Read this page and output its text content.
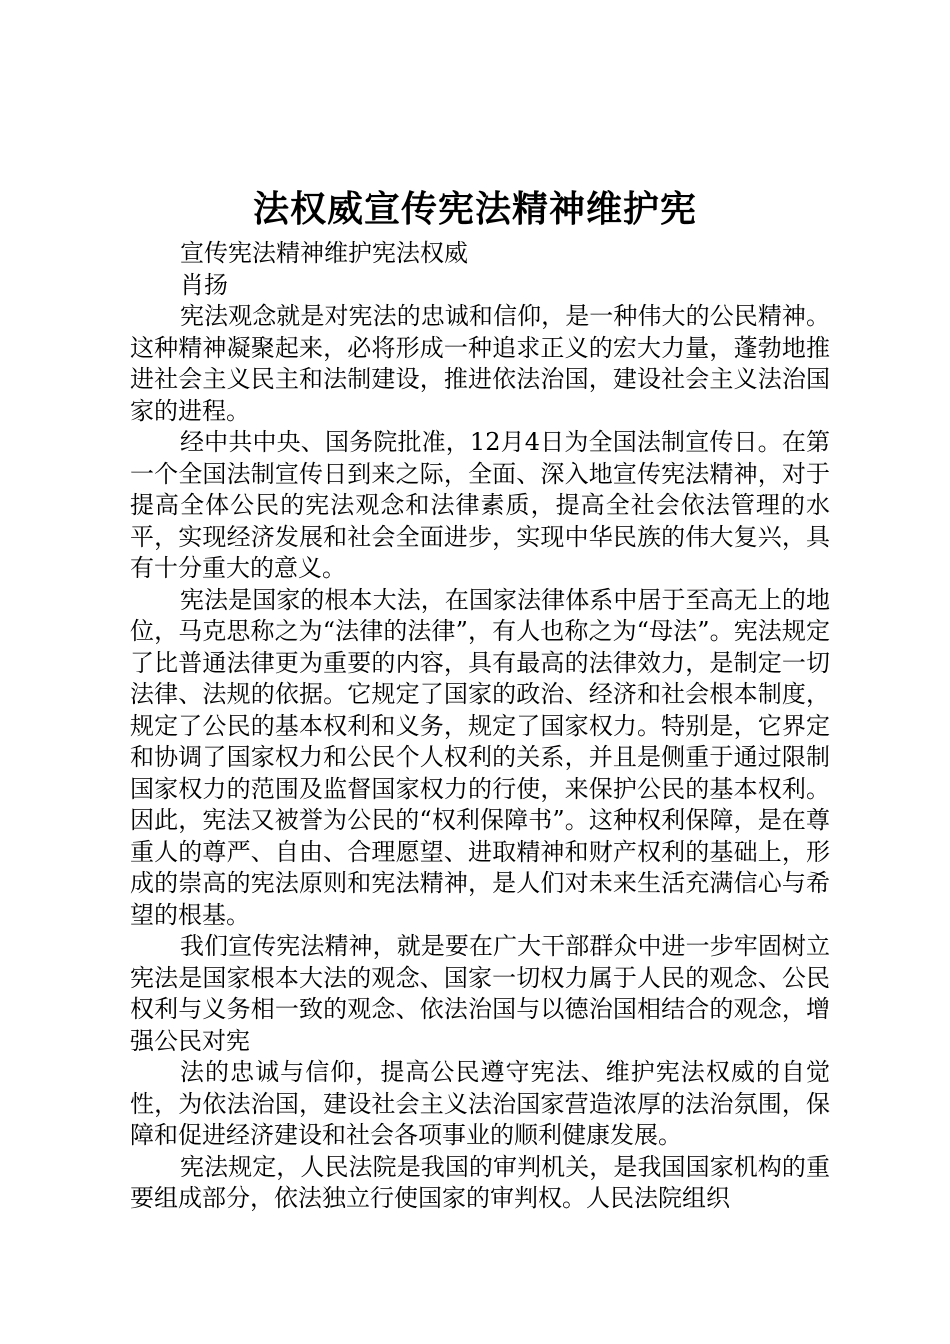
法权威宣传宪法精神维护宪

宣传宪法精神维护宪法权威

肖扬

宪法观念就是对宪法的忠诚和信仰，是一种伟大的公民精神。这种精神凝聚起来，必将形成一种追求正义的宏大力量，蓬勃地推进社会主义民主和法制建设，推进依法治国，建设社会主义法治国家的进程。

经中共中央、国务院批准，12月4日为全国法制宣传日。在第一个全国法制宣传日到来之际，全面、深入地宣传宪法精神，对于提高全体公民的宪法观念和法律素质，提高全社会依法管理的水平，实现经济发展和社会全面进步，实现中华民族的伟大复兴，具有十分重大的意义。

宪法是国家的根本大法，在国家法律体系中居于至高无上的地位，马克思称之为“法律的法律”，有人也称之为“母法”。宪法规定了比普通法律更为重要的内容，具有最高的法律效力，是制定一切法律、法规的依据。它规定了国家的政治、经济和社会根本制度，规定了公民的基本权利和义务，规定了国家权力。特别是，它界定和协调了国家权力和公民个人权利的关系，并且是侧重于通过限制国家权力的范围及监督国家权力的行使，来保护公民的基本权利。因此，宪法又被誉为公民的“权利保障书”。这种权利保障，是在尊重人的尊严、自由、合理愿望、进取精神和财产权利的基础上，形成的崇高的宪法原则和宪法精神，是人们对未来生活充满信心与希望的根基。

我们宣传宪法精神，就是要在广大干部群众中进一步牢固树立宪法是国家根本大法的观念、国家一切权力属于人民的观念、公民权利与义务相一致的观念、依法治国与以德治国相结合的观念，增强公民对宪

法的忠诚与信仰，提高公民遵守宪法、维护宪法权威的自觉性，为依法治国，建设社会主义法治国家营造浓厚的法治氛围，保障和促进经济建设和社会各项事业的顺利健康发展。

宪法规定，人民法院是我国的审判机关，是我国国家机构的重要组成部分，依法独立行使国家的审判权。人民法院组织
